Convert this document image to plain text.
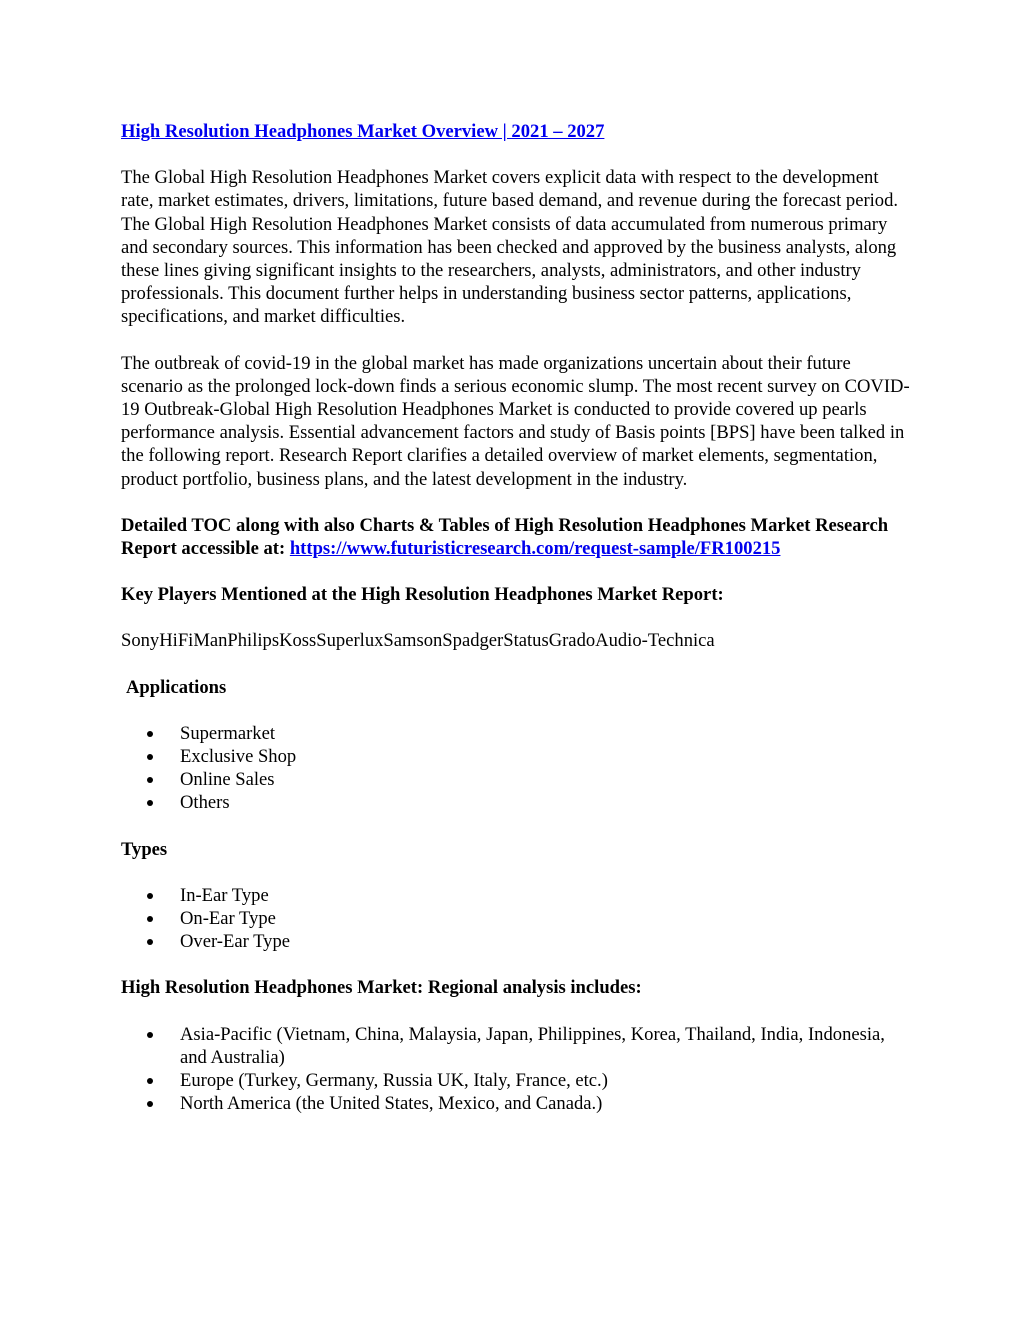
High Resolution Headphones Market Overview | 2021 – 2027

The Global High Resolution Headphones Market covers explicit data with respect to the development rate, market estimates, drivers, limitations, future based demand, and revenue during the forecast period. The Global High Resolution Headphones Market consists of data accumulated from numerous primary and secondary sources. This information has been checked and approved by the business analysts, along these lines giving significant insights to the researchers, analysts, administrators, and other industry professionals. This document further helps in understanding business sector patterns, applications, specifications, and market difficulties.

The outbreak of covid-19 in the global market has made organizations uncertain about their future scenario as the prolonged lock-down finds a serious economic slump. The most recent survey on COVID-19 Outbreak-Global High Resolution Headphones Market is conducted to provide covered up pearls performance analysis. Essential advancement factors and study of Basis points [BPS] have been talked in the following report. Research Report clarifies a detailed overview of market elements, segmentation, product portfolio, business plans, and the latest development in the industry.

Detailed TOC along with also Charts & Tables of High Resolution Headphones Market Research Report accessible at: https://www.futuristicresearch.com/request-sample/FR100215

Key Players Mentioned at the High Resolution Headphones Market Report:

SonyHiFiManPhilipsKossSuperluxSamsonSpadgerStatusGradoAudio-Technica

Applications

Supermarket
Exclusive Shop
Online Sales
Others

Types

In-Ear Type
On-Ear Type
Over-Ear Type

High Resolution Headphones Market: Regional analysis includes:

Asia-Pacific (Vietnam, China, Malaysia, Japan, Philippines, Korea, Thailand, India, Indonesia, and Australia)
Europe (Turkey, Germany, Russia UK, Italy, France, etc.)
North America (the United States, Mexico, and Canada.)
